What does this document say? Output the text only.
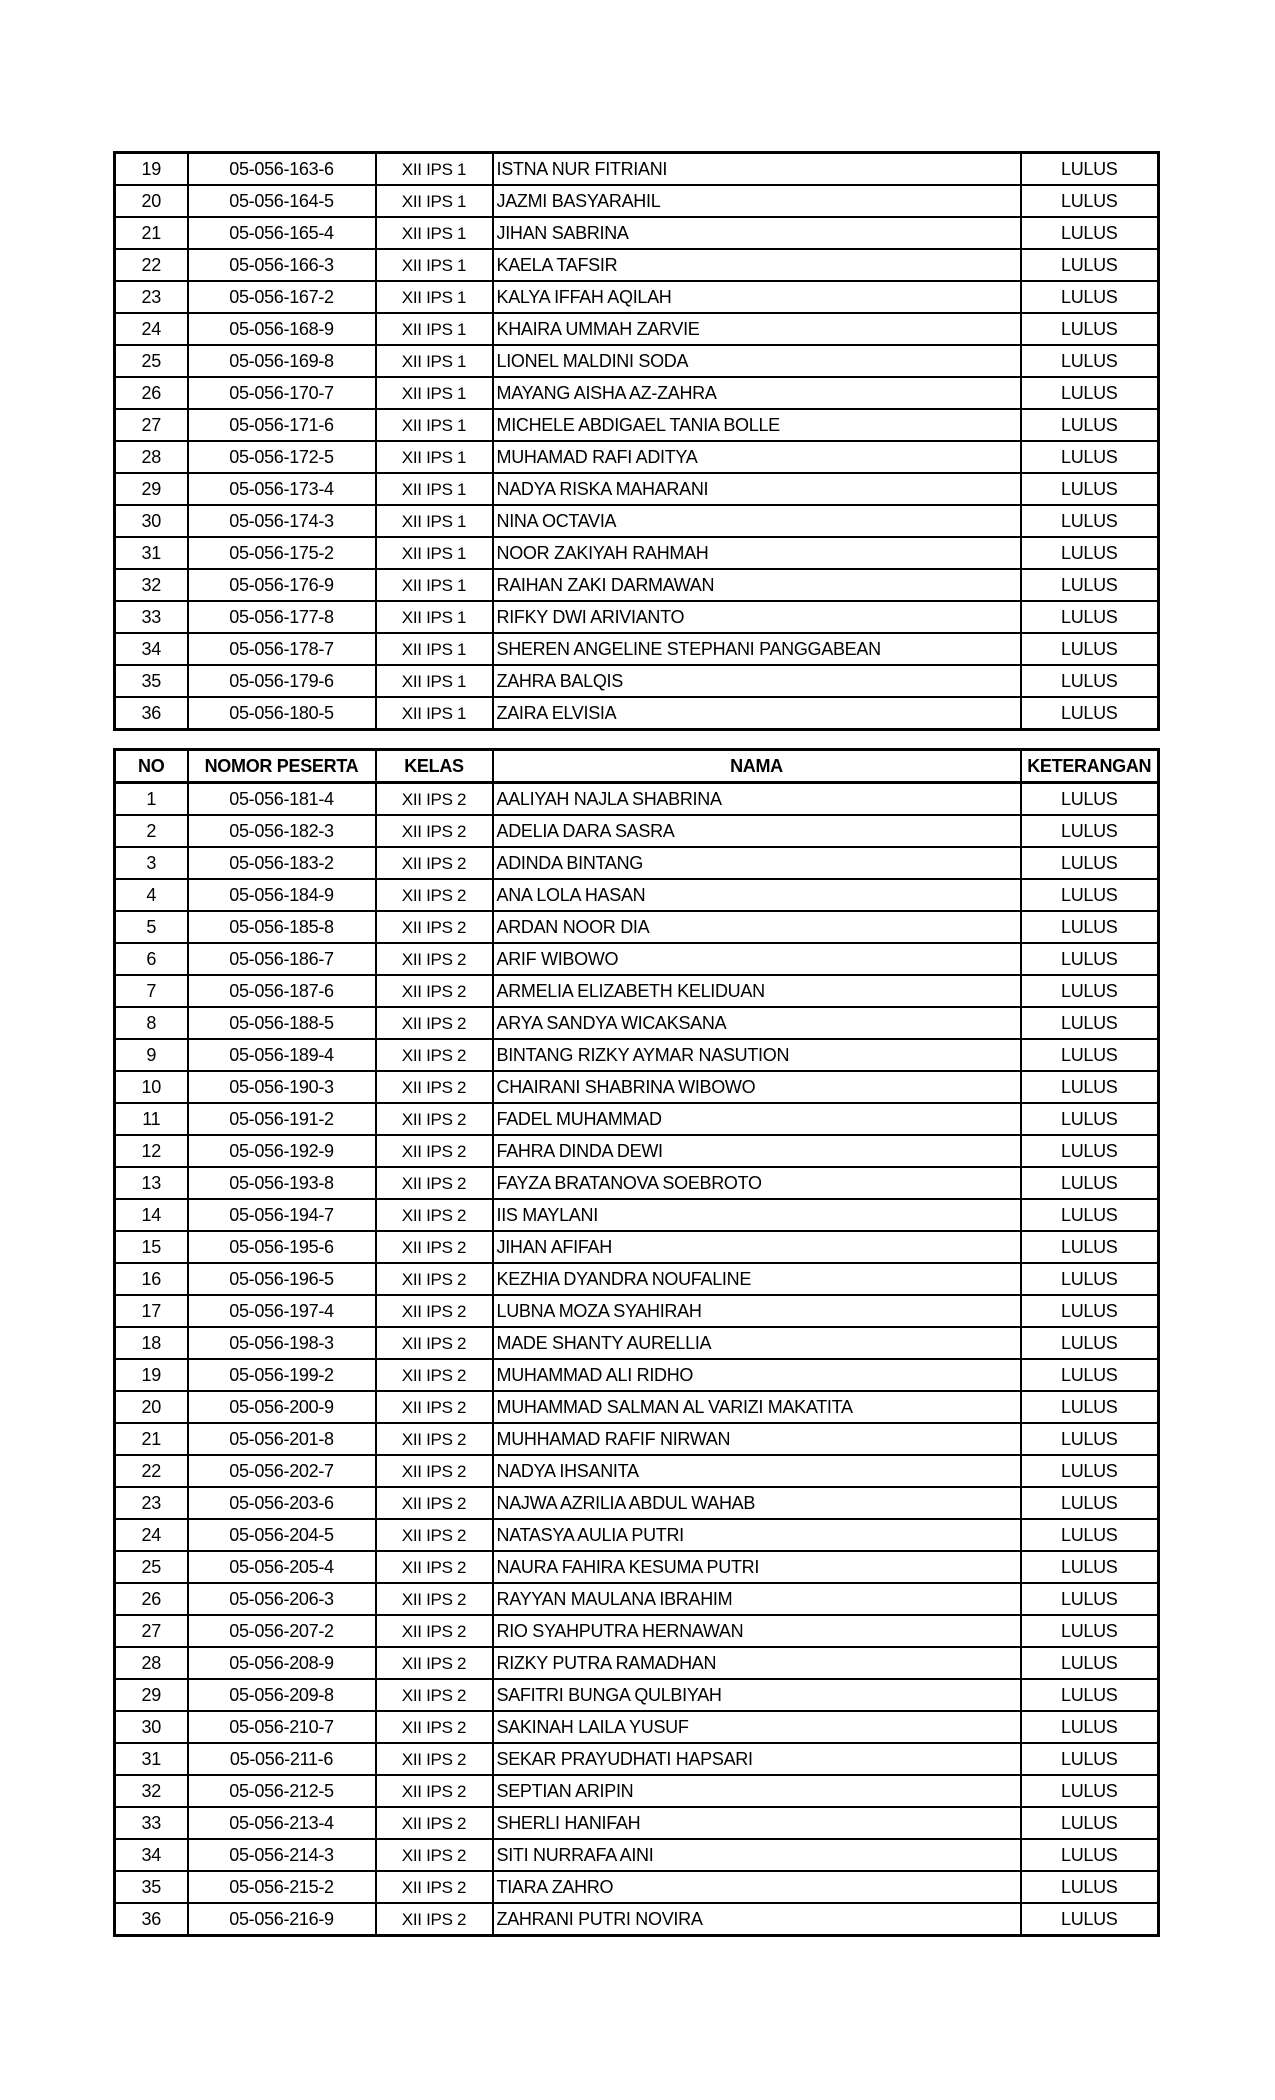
19	05-056-163-6	XII IPS 1	ISTNA NUR FITRIANI	LULUS
20	05-056-164-5	XII IPS 1	JAZMI BASYARAHIL	LULUS
21	05-056-165-4	XII IPS 1	JIHAN SABRINA	LULUS
22	05-056-166-3	XII IPS 1	KAELA TAFSIR	LULUS
23	05-056-167-2	XII IPS 1	KALYA IFFAH AQILAH	LULUS
24	05-056-168-9	XII IPS 1	KHAIRA UMMAH ZARVIE	LULUS
25	05-056-169-8	XII IPS 1	LIONEL MALDINI SODA	LULUS
26	05-056-170-7	XII IPS 1	MAYANG AISHA AZ-ZAHRA	LULUS
27	05-056-171-6	XII IPS 1	MICHELE ABDIGAEL TANIA BOLLE	LULUS
28	05-056-172-5	XII IPS 1	MUHAMAD RAFI ADITYA	LULUS
29	05-056-173-4	XII IPS 1	NADYA RISKA MAHARANI	LULUS
30	05-056-174-3	XII IPS 1	NINA OCTAVIA	LULUS
31	05-056-175-2	XII IPS 1	NOOR ZAKIYAH RAHMAH	LULUS
32	05-056-176-9	XII IPS 1	RAIHAN ZAKI DARMAWAN	LULUS
33	05-056-177-8	XII IPS 1	RIFKY DWI ARIVIANTO	LULUS
34	05-056-178-7	XII IPS 1	SHEREN ANGELINE STEPHANI PANGGABEAN	LULUS
35	05-056-179-6	XII IPS 1	ZAHRA BALQIS	LULUS
36	05-056-180-5	XII IPS 1	ZAIRA ELVISIA	LULUS
NO	NOMOR PESERTA	KELAS	NAMA	KETERANGAN
1	05-056-181-4	XII IPS 2	AALIYAH NAJLA SHABRINA	LULUS
2	05-056-182-3	XII IPS 2	ADELIA DARA SASRA	LULUS
3	05-056-183-2	XII IPS 2	ADINDA BINTANG	LULUS
4	05-056-184-9	XII IPS 2	ANA LOLA HASAN	LULUS
5	05-056-185-8	XII IPS 2	ARDAN NOOR DIA	LULUS
6	05-056-186-7	XII IPS 2	ARIF WIBOWO	LULUS
7	05-056-187-6	XII IPS 2	ARMELIA ELIZABETH KELIDUAN	LULUS
8	05-056-188-5	XII IPS 2	ARYA SANDYA WICAKSANA	LULUS
9	05-056-189-4	XII IPS 2	BINTANG RIZKY AYMAR NASUTION	LULUS
10	05-056-190-3	XII IPS 2	CHAIRANI SHABRINA WIBOWO	LULUS
11	05-056-191-2	XII IPS 2	FADEL MUHAMMAD	LULUS
12	05-056-192-9	XII IPS 2	FAHRA DINDA DEWI	LULUS
13	05-056-193-8	XII IPS 2	FAYZA BRATANOVA SOEBROTO	LULUS
14	05-056-194-7	XII IPS 2	IIS MAYLANI	LULUS
15	05-056-195-6	XII IPS 2	JIHAN AFIFAH	LULUS
16	05-056-196-5	XII IPS 2	KEZHIA DYANDRA NOUFALINE	LULUS
17	05-056-197-4	XII IPS 2	LUBNA MOZA SYAHIRAH	LULUS
18	05-056-198-3	XII IPS 2	MADE SHANTY AURELLIA	LULUS
19	05-056-199-2	XII IPS 2	MUHAMMAD ALI RIDHO	LULUS
20	05-056-200-9	XII IPS 2	MUHAMMAD SALMAN AL VARIZI MAKATITA	LULUS
21	05-056-201-8	XII IPS 2	MUHHAMAD RAFIF NIRWAN	LULUS
22	05-056-202-7	XII IPS 2	NADYA IHSANITA	LULUS
23	05-056-203-6	XII IPS 2	NAJWA AZRILIA ABDUL WAHAB	LULUS
24	05-056-204-5	XII IPS 2	NATASYA AULIA PUTRI	LULUS
25	05-056-205-4	XII IPS 2	NAURA FAHIRA KESUMA PUTRI	LULUS
26	05-056-206-3	XII IPS 2	RAYYAN MAULANA IBRAHIM	LULUS
27	05-056-207-2	XII IPS 2	RIO SYAHPUTRA HERNAWAN	LULUS
28	05-056-208-9	XII IPS 2	RIZKY PUTRA RAMADHAN	LULUS
29	05-056-209-8	XII IPS 2	SAFITRI BUNGA QULBIYAH	LULUS
30	05-056-210-7	XII IPS 2	SAKINAH LAILA YUSUF	LULUS
31	05-056-211-6	XII IPS 2	SEKAR PRAYUDHATI HAPSARI	LULUS
32	05-056-212-5	XII IPS 2	SEPTIAN ARIPIN	LULUS
33	05-056-213-4	XII IPS 2	SHERLI HANIFAH	LULUS
34	05-056-214-3	XII IPS 2	SITI NURRAFA AINI	LULUS
35	05-056-215-2	XII IPS 2	TIARA ZAHRO	LULUS
36	05-056-216-9	XII IPS 2	ZAHRANI PUTRI NOVIRA	LULUS
